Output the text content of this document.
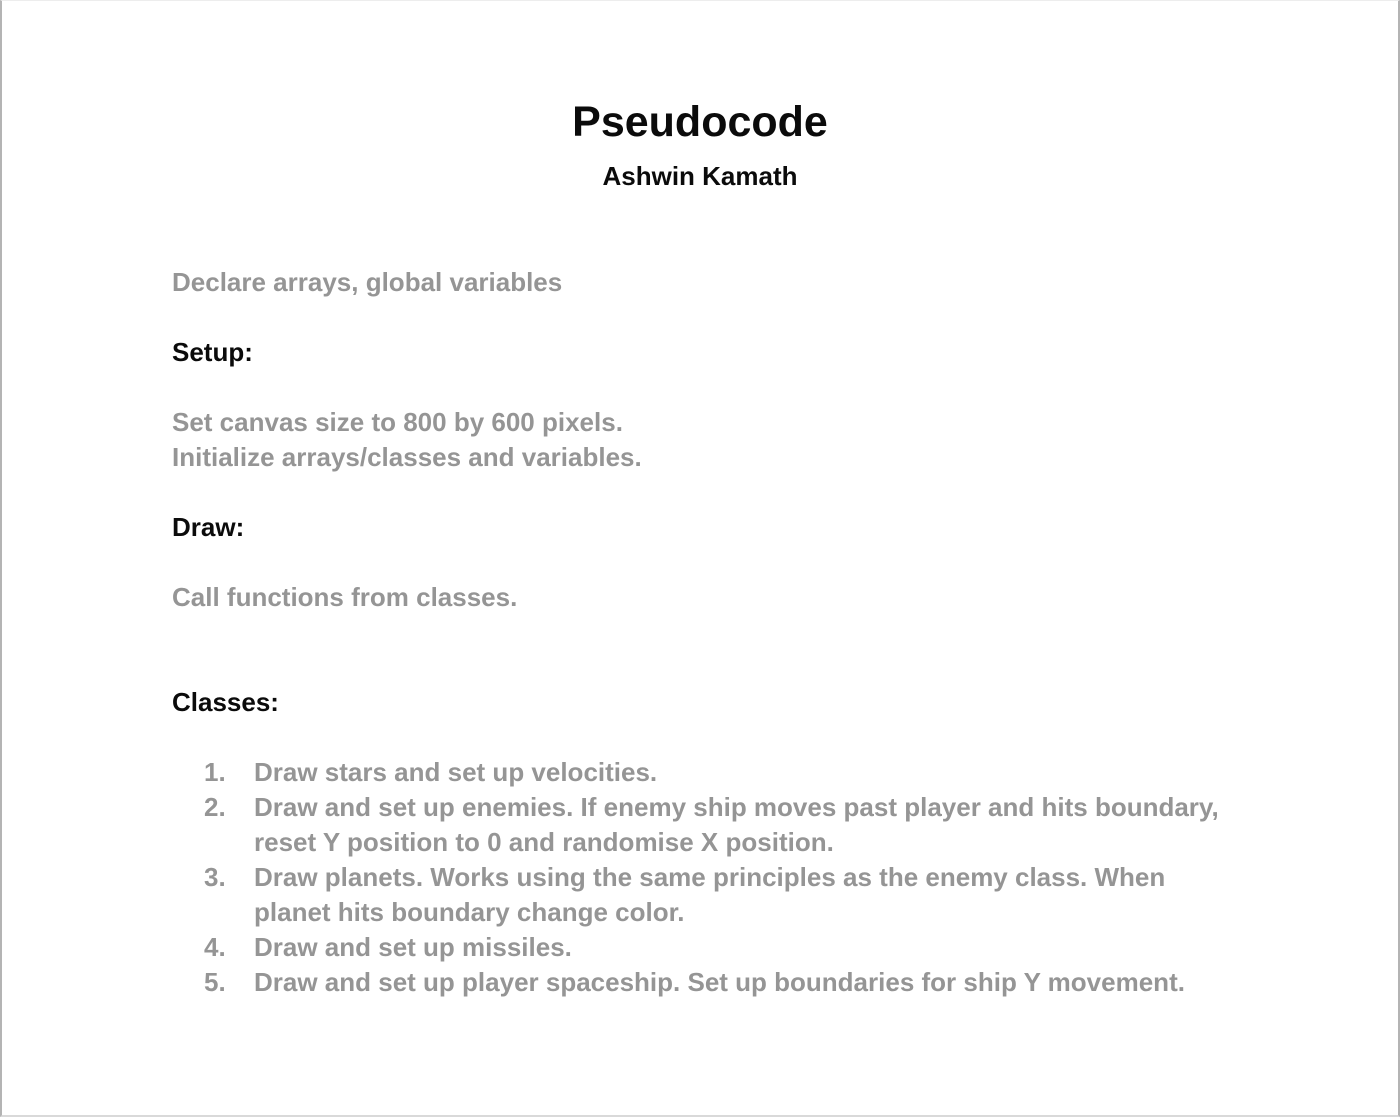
Pseudocode
Ashwin Kamath

Declare arrays, global variables

Setup:
Set canvas size to 800 by 600 pixels.
Initialize arrays/classes and variables.
Draw:

Call functions from classes.

Classes:
1. Draw stars and set up velocities.
2. Draw and set up enemies. If enemy ship moves past player and hits boundary, reset Y position to 0 and randomise X position.
3. Draw planets. Works using the same principles as the enemy class. When planet hits boundary change color.
4. Draw and set up missiles.
5. Draw and set up player spaceship. Set up boundaries for ship Y movement.
